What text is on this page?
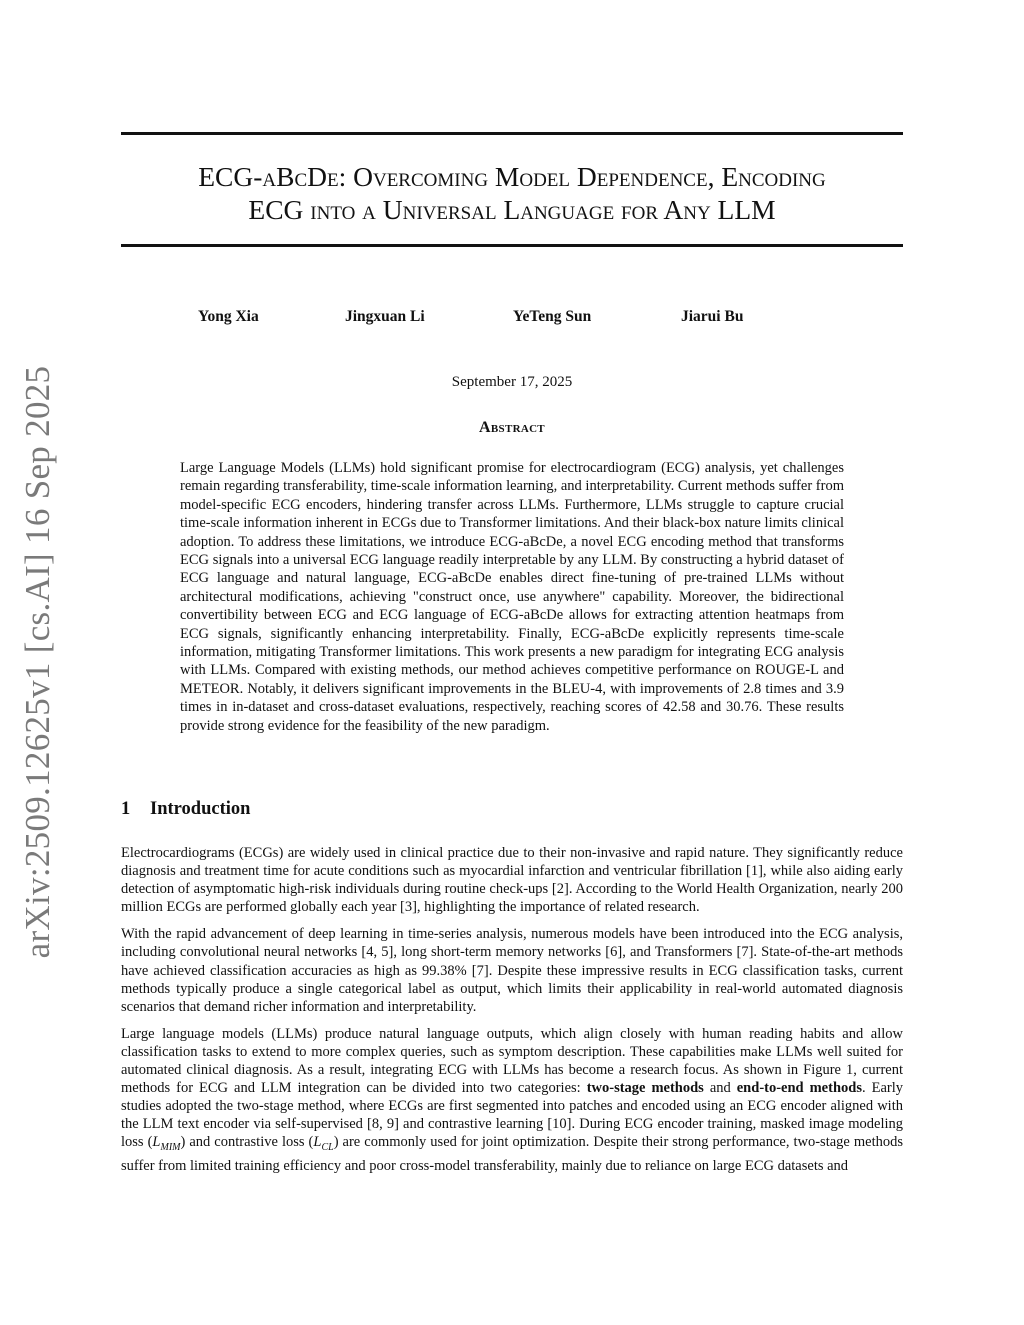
arXiv:2509.12625v1 [cs.AI] 16 Sep 2025
ECG-aBcDe: Overcoming Model Dependence, Encoding
ECG into a Universal Language for Any LLM
Yong Xia	Jingxuan Li	YeTeng Sun	Jiarui Bu
September 17, 2025
Abstract

Large Language Models (LLMs) hold significant promise for electrocardiogram (ECG) analysis, yet challenges remain regarding transferability, time-scale information learning, and interpretability. Current methods suffer from model-specific ECG encoders, hindering transfer across LLMs. Furthermore, LLMs struggle to capture crucial time-scale information inherent in ECGs due to Transformer limitations. And their black-box nature limits clinical adoption. To address these limitations, we introduce ECG-aBcDe, a novel ECG encoding method that transforms ECG signals into a universal ECG language readily interpretable by any LLM. By constructing a hybrid dataset of ECG language and natural language, ECG-aBcDe enables direct fine-tuning of pre-trained LLMs without architectural modifications, achieving "construct once, use anywhere" capability. Moreover, the bidirectional convertibility between ECG and ECG language of ECG-aBcDe allows for extracting attention heatmaps from ECG signals, significantly enhancing interpretability. Finally, ECG-aBcDe explicitly represents time-scale information, mitigating Transformer limitations. This work presents a new paradigm for integrating ECG analysis with LLMs. Compared with existing methods, our method achieves competitive performance on ROUGE-L and METEOR. Notably, it delivers significant improvements in the BLEU-4, with improvements of 2.8 times and 3.9 times in in-dataset and cross-dataset evaluations, respectively, reaching scores of 42.58 and 30.76. These results provide strong evidence for the feasibility of the new paradigm.

1 Introduction

Electrocardiograms (ECGs) are widely used in clinical practice due to their non-invasive and rapid nature. They significantly reduce diagnosis and treatment time for acute conditions such as myocardial infarction and ventricular fibrillation [1], while also aiding early detection of asymptomatic high-risk individuals during routine check-ups [2]. According to the World Health Organization, nearly 200 million ECGs are performed globally each year [3], highlighting the importance of related research.

With the rapid advancement of deep learning in time-series analysis, numerous models have been introduced into the ECG analysis, including convolutional neural networks [4, 5], long short-term memory networks [6], and Transformers [7]. State-of-the-art methods have achieved classification accuracies as high as 99.38% [7]. Despite these impressive results in ECG classification tasks, current methods typically produce a single categorical label as output, which limits their applicability in real-world automated diagnosis scenarios that demand richer information and interpretability.

Large language models (LLMs) produce natural language outputs, which align closely with human reading habits and allow classification tasks to extend to more complex queries, such as symptom description. These capabilities make LLMs well suited for automated clinical diagnosis. As a result, integrating ECG with LLMs has become a research focus. As shown in Figure 1, current methods for ECG and LLM integration can be divided into two categories: two-stage methods and end-to-end methods. Early studies adopted the two-stage method, where ECGs are first segmented into patches and encoded using an ECG encoder aligned with the LLM text encoder via self-supervised [8, 9] and contrastive learning [10]. During ECG encoder training, masked image modeling loss $(L_{MIM})$ and contrastive loss $(L_{CL})$ are commonly used for joint optimization. Despite their strong performance, two-stage methods suffer from limited training efficiency and poor cross-model transferability, mainly due to reliance on large ECG datasets and
